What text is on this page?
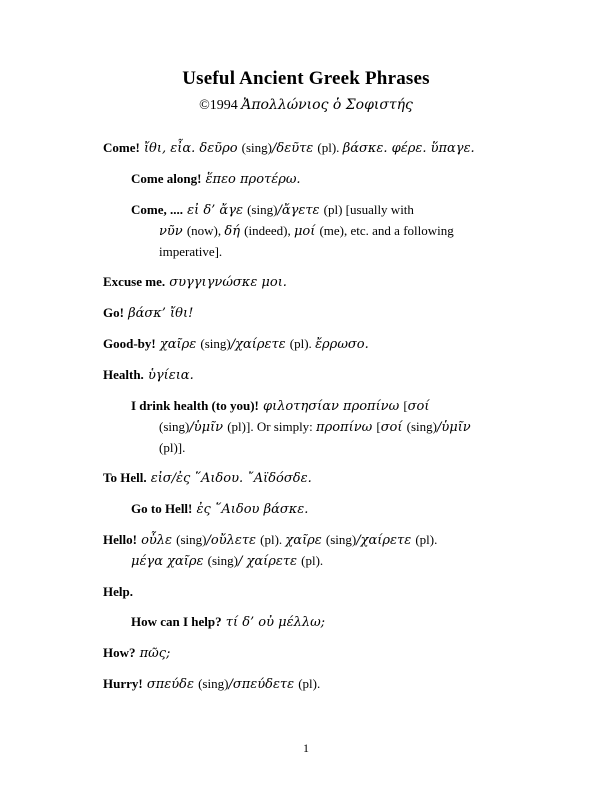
Useful Ancient Greek Phrases
©1994 Ἀπολλώνιος ὁ Σοφιστής

Come! ἴθι, εἶα. δεῦρο (sing)/δεῦτε (pl). βάσκε. φέρε. ὕπαγε.

Come along! ἕπεο προτέρω.

Come, .... εἰ δ’ ἄγε (sing)/ἄγετε (pl) [usually with
νῦν (now), δή (indeed), μοί (me), etc. and a following
imperative].

Excuse me. συγγιγνώσκε μοι.

Go! βάσκ’ ἴθι!

Good-by! χαῖρε (sing)/χαίρετε (pl). ἔρρωσο.

Health. ὑγίεια.

I drink health (to you)! φιλοτησίαν προπίνω [σοί
(sing)/ὑμῖν (pl)]. Or simply: προπίνω [σοί (sing)/ὑμῖν
(pl)].

To Hell. εἰσ/ἐς ῞Αιδου. ῎Αϊδόσδε.

Go to Hell! ἐς ῞Αιδου βάσκε.

Hello! οὖλε (sing)/οὔλετε (pl). χαῖρε (sing)/χαίρετε (pl).
μέγα χαῖρε (sing)/ χαίρετε (pl).

Help.

How can I help? τί δ’ οὐ μέλλω;

How? πῶς;

Hurry! σπεύδε (sing)/σπεύδετε (pl).

1
